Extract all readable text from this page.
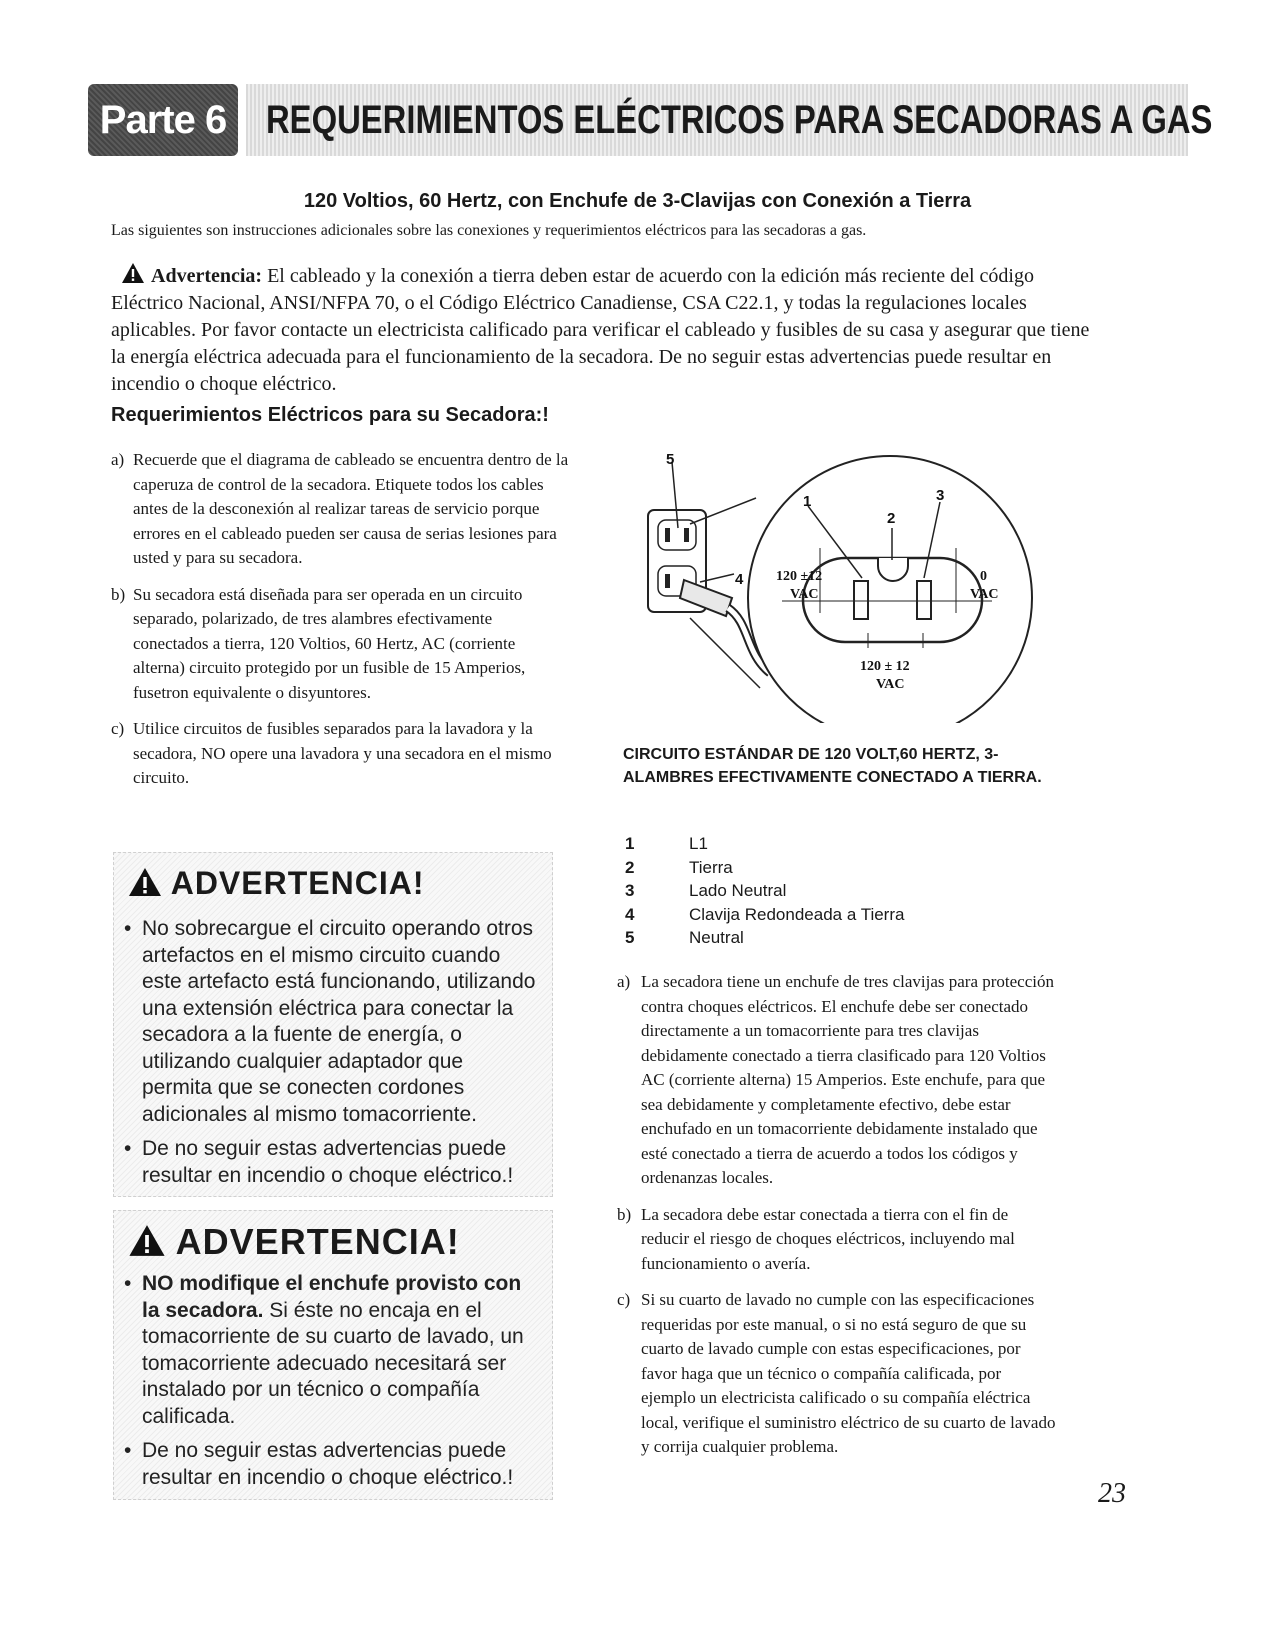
Parte 6 REQUERIMIENTOS ELÉCTRICOS PARA SECADORAS A GAS
120 Voltios, 60 Hertz, con Enchufe de 3-Clavijas con Conexión a Tierra
Las siguientes son instrucciones adicionales sobre las conexiones y requerimientos eléctricos para las secadoras a gas.
Advertencia: El cableado y la conexión a tierra deben estar de acuerdo con la edición más reciente del código Eléctrico Nacional, ANSI/NFPA 70, o el Código Eléctrico Canadiense, CSA C22.1, y todas la regulaciones locales aplicables. Por favor contacte un electricista calificado para verificar el cableado y fusibles de su casa y asegurar que tiene la energía eléctrica adecuada para el funcionamiento de la secadora. De no seguir estas advertencias puede resultar en incendio o choque eléctrico.
Requerimientos Eléctricos para su Secadora:!
a) Recuerde que el diagrama de cableado se encuentra dentro de la caperuza de control de la secadora. Etiquete todos los cables antes de la desconexión al realizar tareas de servicio porque errores en el cableado pueden ser causa de serias lesiones para usted y para su secadora.
b) Su secadora está diseñada para ser operada en un circuito separado, polarizado, de tres alambres efectivamente conectados a tierra, 120 Voltios, 60 Hertz, AC (corriente alterna) circuito protegido por un fusible de 15 Amperios, fusetron equivalente o disyuntores.
c) Utilice circuitos de fusibles separados para la lavadora y la secadora, NO opere una lavadora y una secadora en el mismo circuito.
ADVERTENCIA!
• No sobrecargue el circuito operando otros artefactos en el mismo circuito cuando este artefacto está funcionando, utilizando una extensión eléctrica para conectar la secadora a la fuente de energía, o utilizando cualquier adaptador que permita que se conecten cordones adicionales al mismo tomacorriente.
• De no seguir estas advertencias puede resultar en incendio o choque eléctrico.!
ADVERTENCIA!
• NO modifique el enchufe provisto con la secadora. Si éste no encaja en el tomacorriente de su cuarto de lavado, un tomacorriente adecuado necesitará ser instalado por un técnico o compañía calificada.
• De no seguir estas advertencias puede resultar en incendio o choque eléctrico.!
5
1	3
2
4 120 ±12
VAC
0
VAC
120 ± 12
VAC
CIRCUITO ESTÁNDAR DE 120 VOLT,60 HERTZ, 3-ALAMBRES EFECTIVAMENTE CONECTADO A TIERRA.
1	L1
2	Tierra
3	Lado Neutral
4	Clavija Redondeada a Tierra
5	Neutral
a) La secadora tiene un enchufe de tres clavijas para protección contra choques eléctricos. El enchufe debe ser conectado directamente a un tomacorriente para tres clavijas debidamente conectado a tierra clasificado para 120 Voltios AC (corriente alterna) 15 Amperios. Este enchufe, para que sea debidamente y completamente efectivo, debe estar enchufado en un tomacorriente debidamente instalado que esté conectado a tierra de acuerdo a todos los códigos y ordenanzas locales.
b) La secadora debe estar conectada a tierra con el fin de reducir el riesgo de choques eléctricos, incluyendo mal funcionamiento o avería.
c) Si su cuarto de lavado no cumple con las especificaciones requeridas por este manual, o si no está seguro de que su cuarto de lavado cumple con estas especificaciones, por favor haga que un técnico o compañía calificada, por ejemplo un electricista calificado o su compañía eléctrica local, verifique el suministro eléctrico de su cuarto de lavado y corrija cualquier problema.
23
